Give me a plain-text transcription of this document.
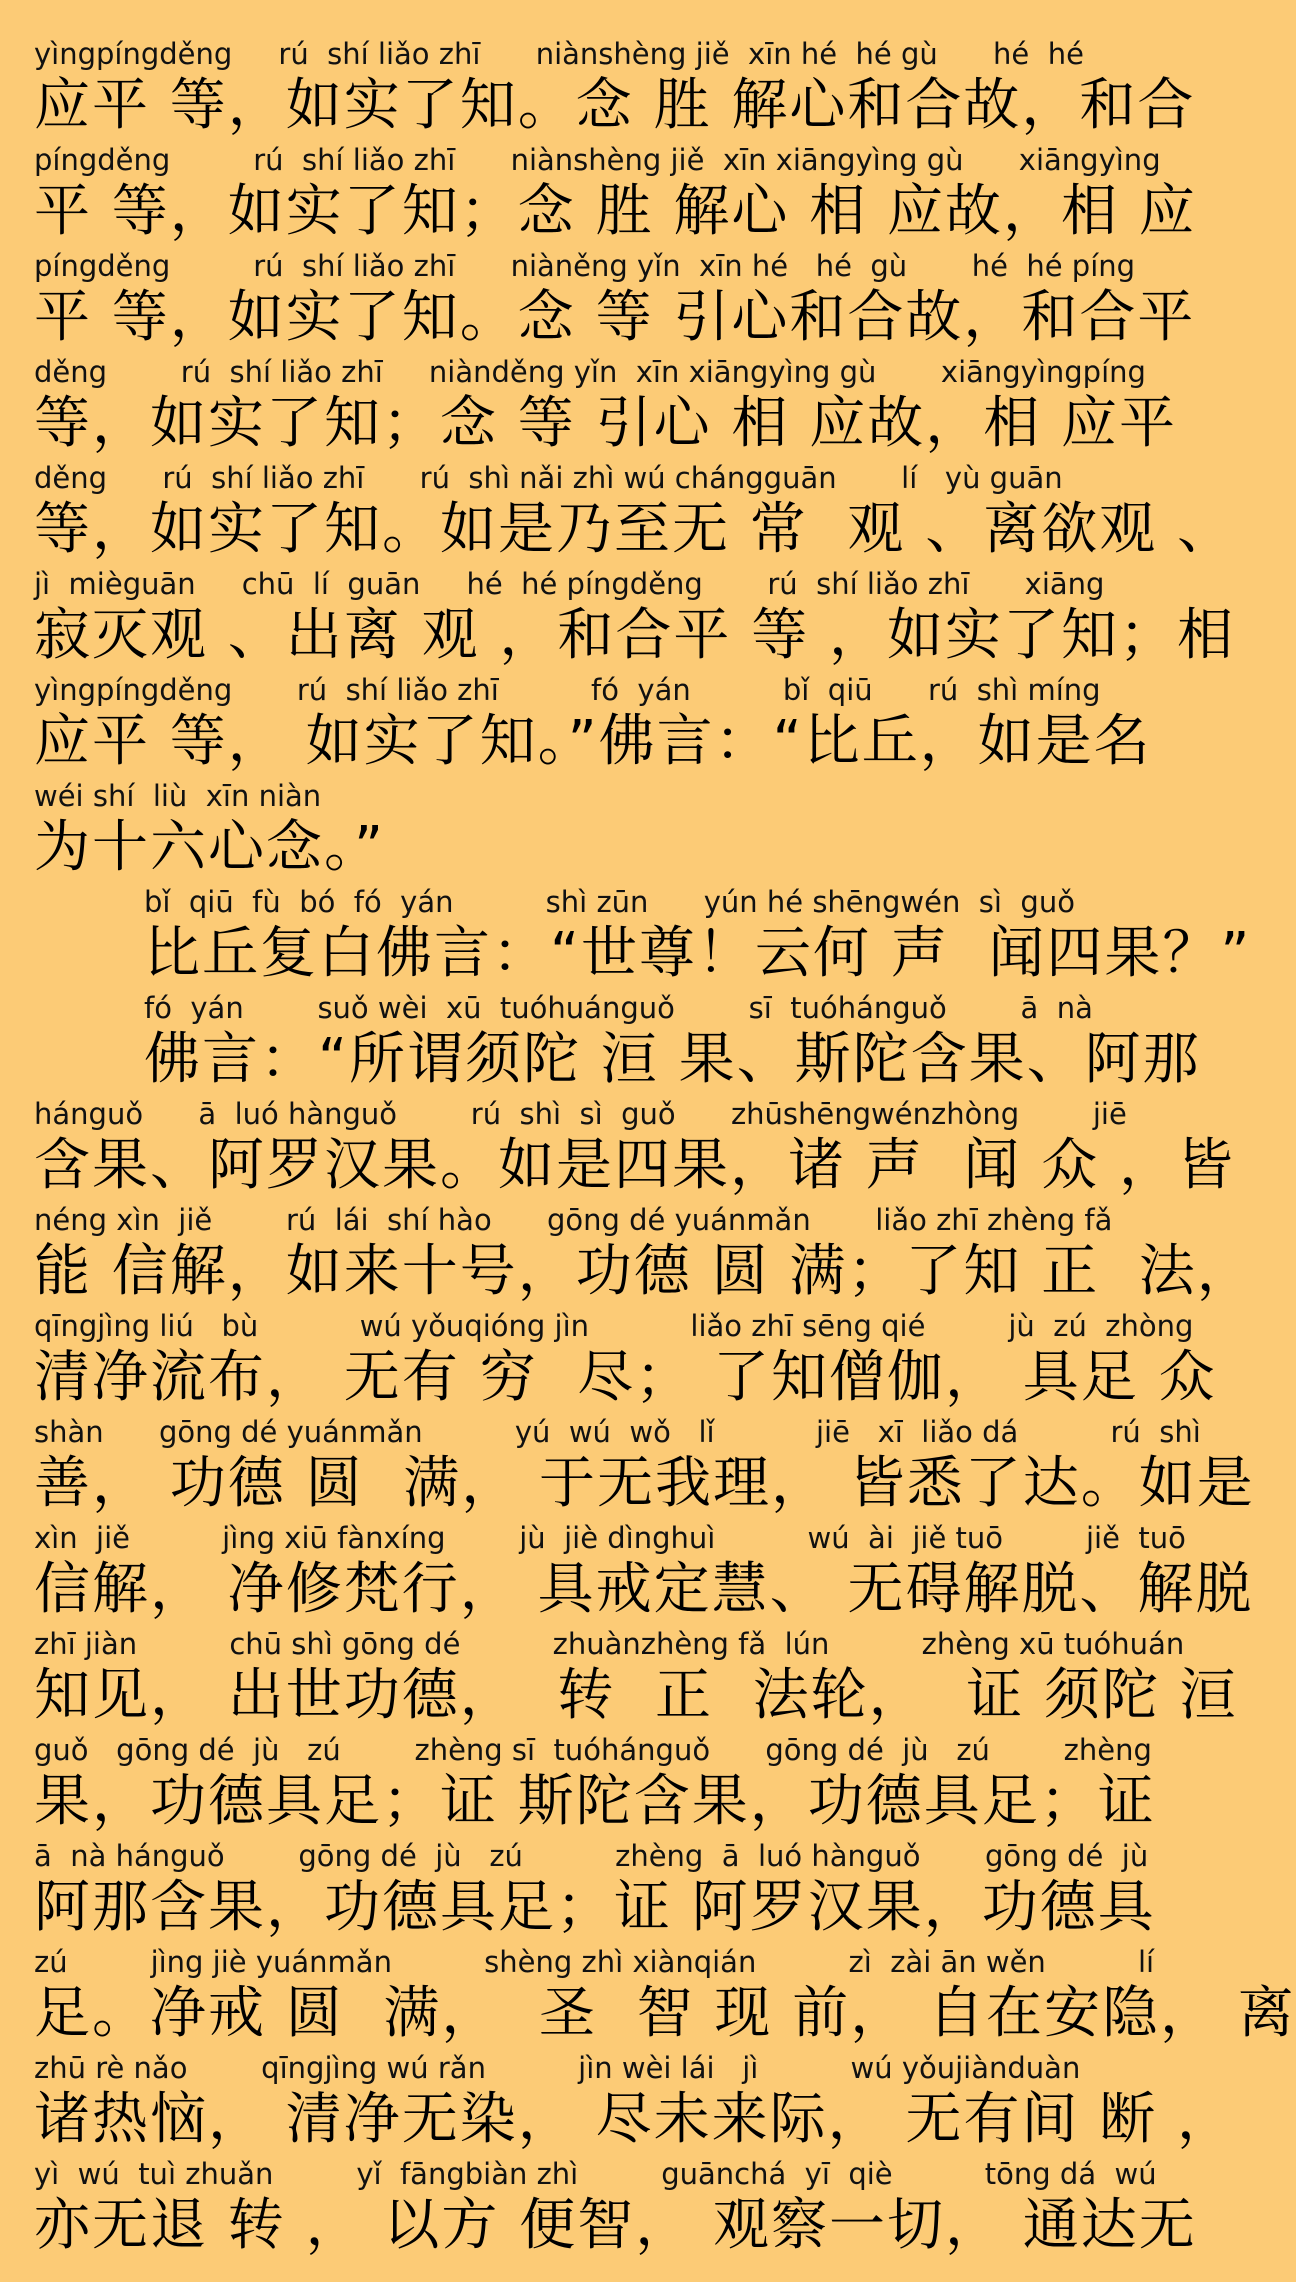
yìngpíngděng     rú  shí liǎo zhī      niànshèng jiě  xīn hé  hé gù      hé  hé
应平 等，如实了知。念 胜 解心和合故，和合
píngděng         rú  shí liǎo zhī      niànshèng jiě  xīn xiāngyìng gù      xiāngyìng
平 等，如实了知；念 胜 解心 相 应故，相 应
píngděng         rú  shí liǎo zhī      niàněng yǐn  xīn hé   hé  gù       hé  hé píng
平 等，如实了知。念 等 引心和合故，和合平
děng        rú  shí liǎo zhī     niànděng yǐn  xīn xiāngyìng gù       xiāngyìngpíng
等，如实了知；念 等 引心 相 应故，相 应平
děng      rú  shí liǎo zhī      rú  shì nǎi zhì wú chángguān       lí   yù guān
等，如实了知。如是乃至无 常  观 、离欲观 、
jì  mièguān     chū  lí  guān     hé  hé píngděng       rú  shí liǎo zhī      xiāng
寂灭观 、出离 观 ，和合平 等 ，如实了知；相
yìngpíngděng       rú  shí liǎo zhī          fó  yán          bǐ  qiū      rú  shì míng
应平 等， 如实了知。”佛言：“比丘，如是名
wéi shí  liù  xīn niàn
为十六心念。”
bǐ  qiū  fù  bó  fó  yán          shì zūn      yún hé shēngwén  sì  guǒ
比丘复白佛言：“世尊！云何 声  闻四果？”
fó  yán        suǒ wèi  xū  tuóhuánguǒ        sī  tuóhánguǒ        ā  nà
佛言：“所谓须陀 洹 果、斯陀含果、阿那
hánguǒ      ā  luó hànguǒ        rú  shì  sì  guǒ      zhūshēngwénzhòng        jiē
含果、阿罗汉果。如是四果，诸 声  闻 众 ，皆
néng xìn  jiě        rú  lái  shí hào      gōng dé yuánmǎn       liǎo zhī zhèng fǎ
能 信解，如来十号，功德 圆 满；了知 正  法，
qīngjìng liú   bù           wú yǒuqióng jìn           liǎo zhī sēng qié         jù  zú  zhòng
清净流布， 无有 穷  尽； 了知僧伽， 具足 众
shàn      gōng dé yuánmǎn          yú  wú  wǒ   lǐ           jiē   xī  liǎo dá          rú  shì
善， 功德 圆  满， 于无我理， 皆悉了达。如是
xìn  jiě          jìng xiū fànxíng        jù  jiè dìnghuì          wú  ài  jiě tuō         jiě  tuō
信解， 净修梵行， 具戒定慧、 无碍解脱、解脱
zhī jiàn          chū shì gōng dé          zhuànzhèng fǎ  lún          zhèng xū tuóhuán
知见， 出世功德，  转  正  法轮，  证 须陀 洹
guǒ   gōng dé  jù   zú        zhèng sī  tuóhánguǒ      gōng dé  jù   zú        zhèng
果，功德具足；证 斯陀含果，功德具足；证
ā  nà hánguǒ        gōng dé  jù   zú          zhèng  ā  luó hànguǒ       gōng dé  jù
阿那含果，功德具足；证 阿罗汉果，功德具
zú         jìng jiè yuánmǎn          shèng zhì xiànqián          zì  zài ān wěn          lí
足。净戒 圆  满，  圣  智 现 前， 自在安隐， 离
zhū rè nǎo        qīngjìng wú rǎn          jìn wèi lái   jì          wú yǒujiànduàn
诸热恼， 清净无染， 尽未来际， 无有间 断 ，
yì  wú  tuì zhuǎn         yǐ  fāngbiàn zhì         guānchá  yī  qiè          tōng dá  wú
亦无退 转 ， 以方 便智， 观察一切， 通达无
